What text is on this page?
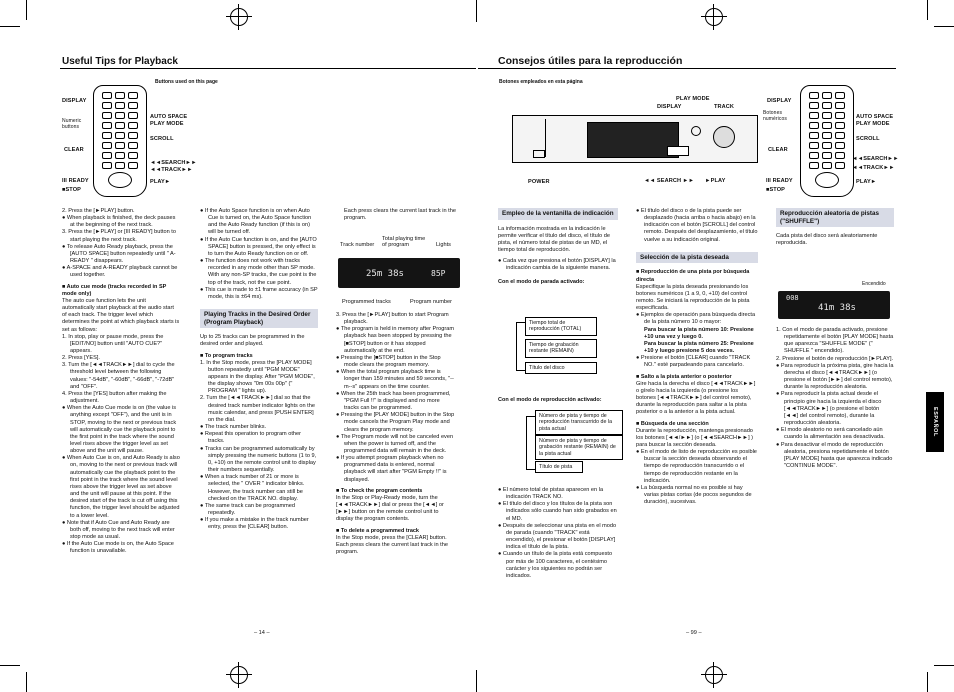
Useful Tips for Playback
Buttons used on this page
DISPLAY
Numeric
buttons
CLEAR
III READY
■STOP
AUTO SPACE
PLAY MODE
SCROLL
◄◄SEARCH►►
◄◄TRACK►►
PLAY►

2. Press the [►PLAY] button.

● When playback is finished, the deck pauses at the beginning of the next track.

3. Press the [►PLAY] or [III READY] button to start playing the next track.

● To release Auto Ready playback, press the [AUTO SPACE] button repeatedly until " A-READY " disappears.

● A-SPACE and A-READY playback cannot be used together.

■ Auto cue mode (tracks recorded in SP mode only)

The auto cue function lets the unit automatically start playback at the audio start of each track. The trigger level which determines the point at which playback starts is set as follows:

1. In stop, play or pause mode, press the [EDIT/NO] button until "AUTO CUE?" appears.

2. Press [YES].

3. Turn the [◄◄TRACK►►] dial to cycle the threshold level between the following values: "-54dB", "-60dB", "-66dB", "-72dB" and "OFF".

4. Press the [YES] button after making the adjustment.

● When the Auto Cue mode is on (the value is anything except "OFF"), and the unit is in STOP, moving to the next or previous track will automatically cue the playback point to the first point in the track where the sound level rises above the trigger level as set above and the unit will pause.

● When Auto Cue is on, and Auto Ready is also on, moving to the next or previous track will automatically cue the playback point to the first point in the track where the sound level rises above the trigger level as set above and the unit will pause at this point. If the desired start of the track is cut off using this function, the trigger level should be adjusted to a lower level.

● Note that if Auto Cue and Auto Ready are both off, moving to the next track will enter stop mode as usual.

● If the Auto Cue mode is on, the Auto Space function is unavailable.

● If the Auto Space function is on when Auto Cue is turned on, the Auto Space function and the Auto Ready function (if this is on) will be turned off.

● If the Auto Cue function is on, and the [AUTO SPACE] button is pressed, the only effect is to turn the Auto Ready function on or off.

● The function does not work with tracks recorded in any mode other than SP mode. With any non-SP tracks, the cue point is the top of the track, not the cue point.

● This cue is made to ±1 frame accuracy (in SP mode, this is ±64 ms).

Playing Tracks in the Desired Order (Program Playback)

Up to 25 tracks can be programmed in the desired order and played.

■ To program tracks

1. In the Stop mode, press the [PLAY MODE] button repeatedly until "PGM MODE" appears in the display. After "PGM MODE", the display shows "0m 00s 00p" (" PROGRAM " lights up).

2. Turn the [◄◄TRACK►►] dial so that the desired track number indicator lights on the music calendar, and press [PUSH ENTER] on the dial.

● The track number blinks.

● Repeat this operation to program other tracks.

● Tracks can be programmed automatically by simply pressing the numeric buttons (1 to 9, 0, +10) on the remote control unit to display their numbers sequentially.

● When a track number of 21 or more is selected, the " OVER " indicator blinks. However, the track number can still be checked on the TRACK NO. display.

● The same track can be programmed repeatedly.

● If you make a mistake in the track number entry, press the [CLEAR] button.

Each press clears the current last track in the program.

Track number
Total playing time
of program	Lights
25m 38s	85P
Programmed tracks	Program number

3. Press the [►PLAY] button to start Program playback.

● The program is held in memory after Program playback has been stopped by pressing the [■STOP] button or it has stopped automatically at the end.

● Pressing the [■STOP] button in the Stop mode clears the program memory.

● When the total program playback time is longer than 159 minutes and 59 seconds, "--m--s" appears on the time counter.

● When the 25th track has been programmed, "PGM Full !!" is displayed and no more tracks can be programmed.

● Pressing the [PLAY MODE] button in the Stop mode cancels the Program Play mode and clears the program memory.

● The Program mode will not be canceled even when the power is turned off, and the programmed data will remain in the deck.

● If you attempt program playback when no programmed data is entered, normal playback will start after "PGM Empty !!" is displayed.

■ To check the program contents

In the Stop or Play-Ready mode, turn the [◄◄TRACK►►] dial or press the [◄◄] or [►►] button on the remote control unit to display the program contents.

■ To delete a programmed track

In the Stop mode, press the [CLEAR] button. Each press clears the current last track in the program.

– 14 –
Consejos útiles para la reproducción
Botones empleados en esta página
PLAY MODE
DISPLAY	TRACK
POWER	◄◄ SEARCH ►► ►PLAY
DISPLAY
Botones
numéricos
CLEAR
III READY
■STOP
AUTO SPACE
PLAY MODE
SCROLL
◄◄SEARCH►►
◄◄TRACK►►
PLAY►
Empleo de la ventanilla de indicación

La información mostrada en la indicación le permite verificar el título del disco, el título de pista, el número total de pistas de un MD, el tiempo total de reproducción.

● Cada vez que presiona el botón [DISPLAY] la indicación cambia de la siguiente manera.

Con el modo de parada activado:

Tiempo total de reproducción (TOTAL)
Tiempo de grabación restante (REMAIN)
Título del disco
Con el modo de reproducción activado:
Número de pista y tiempo de reproducción transcurrido de la pista actual
Número de pista y tiempo de grabación restante (REMAIN) de la pista actual
Título de pista

● El número total de pistas aparecen en la indicación TRACK NO.

● El título del disco y los títulos de la pista son indicados sólo cuando han sido grabados en el MD.

● Después de seleccionar una pista en el modo de parada (cuando "TRACK" está encendido), el presionar el botón [DISPLAY] indica el título de la pista.

● Cuando un título de la pista está compuesto por más de 100 caracteres, el centésimo carácter y los siguientes no podrán ser indicados.

● El título del disco o de la pista puede ser desplazado (hacia arriba o hacia abajo) en la indicación con el botón [SCROLL] del control remoto. Después del desplazamiento, el título vuelve a su indicación original.

Selección de la pista deseada

■ Reproducción de una pista por búsqueda directa

Especifique la pista deseada presionando los botones numéricos (1 a 9, 0, +10) del control remoto. Se iniciará la reproducción de la pista especificada.

● Ejemplos de operación para búsqueda directa de la pista número 10 o mayor:

Para buscar la pista número 10: Presione +10 una vez y luego 0.

Para buscar la pista número 25: Presione +10 y luego presione 5 dos veces.

● Presione el botón [CLEAR] cuando "TRACK NO." esté parpadeando para cancelarlo.

■ Salto a la pista anterior o posterior

Gire hacia la derecha el disco [◄◄TRACK►►] o gírelo hacia la izquierda (o presione los botones [◄◄TRACK►►] del control remoto), durante la reproducción para saltar a la pista posterior o a la anterior a la pista actual.

■ Búsqueda de una sección

Durante la reproducción, mantenga presionado los botones [◄◄/►►] (o [◄◄SEARCH►►] ) para buscar la sección deseada.

● En el modo de listo de reproducción es posible buscar la sección deseada observando el tiempo de reproducción transcurrido o el tiempo de reproducción restante en la indicación.

● La búsqueda normal no es posible si hay varias pistas cortas (de pocos segundos de duración), sucesivas.

Reproducción aleatoria de pistas ("SHUFFLE")

Cada pista del disco será aleatoriamente reproducida.

Encendido
008
41m 38s

1. Con el modo de parada activado, presione repetidamente el botón [PLAY MODE] hasta que aparezca "SHUFFLE MODE" (" SHUFFLE " encendido).

2. Presione el botón de reproducción [►PLAY].

● Para reproducir la próxima pista, gire hacia la derecha el disco [◄◄TRACK►►] (o presione el botón [►►] del control remoto), durante la reproducción aleatoria.

● Para reproducir la pista actual desde el principio gire hacia la izquierda el disco [◄◄TRACK►►] (o presione el botón [◄◄] del control remoto), durante la reproducción aleatoria.

● El modo aleatorio no será cancelado aún cuando la alimentación sea desactivada.

● Para desactivar el modo de reproducción aleatoria, presiona repetidamente el botón [PLAY MODE] hasta que aparezca indicado "CONTINUE MODE".

ESPAÑOL
– 99 –
